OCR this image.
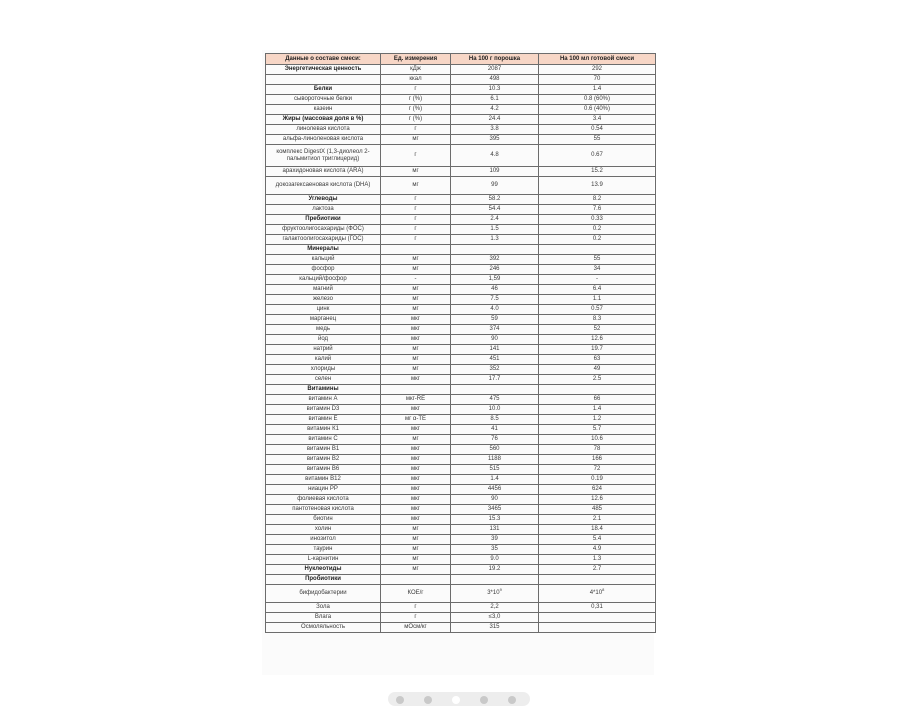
Данные о составе смеси:	Ед. измерения	На 100 г порошка	На 100 мл готовой смеси
Энергетическая ценность	кДж	2087	292
	ккал	498	70
Белки	г	10.3	1.4
сывороточные белки	г (%)	6.1	0.8 (60%)
казеин	г (%)	4.2	0.6 (40%)
Жиры (массовая доля в %)	г (%)	24.4	3.4
линолевая кислота	г	3.8	0.54
альфа-линоленовая кислота	мг	395	55
комплекс DigestX (1,3-диолеол 2-пальмитиол триглицерид)	г	4.8	0.67
арахидоновая кислота (ARA)	мг	109	15.2
докозагексаеновая кислота (DHA)	мг	99	13.9
Углеводы	г	58.2	8.2
лактоза	г	54.4	7.6
Пребиотики	г	2.4	0.33
фруктоолигосахариды (ФОС)	г	1.5	0.2
галактоолигосахариды (ГОС)	г	1.3	0.2
Минералы			
кальций	мг	392	55
фосфор	мг	246	34
кальций/фосфор	-	1,59	-
магний	мг	46	6.4
железо	мг	7.5	1.1
цинк	мг	4.0	0.57
марганец	мкг	59	8.3
медь	мкг	374	52
йод	мкг	90	12.6
натрий	мг	141	19.7
калий	мг	451	63
хлориды	мг	352	49
селен	мкг	17.7	2.5
Витамины			
витамин А	мкг-RE	475	66
витамин D3	мкг	10.0	1.4
витамин Е	мг α-ТЕ	8.5	1.2
витамин К1	мкг	41	5.7
витамин С	мг	76	10.6
витамин В1	мкг	560	78
витамин В2	мкг	1188	166
витамин В6	мкг	515	72
витамин В12	мкг	1.4	0.19
ниацин РР	мкг	4456	624
фолиевая кислота	мкг	90	12.6
пантотеновая кислота	мкг	3465	485
биотин	мкг	15.3	2.1
холин	мг	131	18.4
инозитол	мг	39	5.4
таурин	мг	35	4.9
L-карнитин	мг	9.0	1.3
Нуклеотиды	мг	19.2	2.7
Пробиотики			
бифидобактерии	КОЕ/г	$3*10^9$	$4*10^8$
Зола	г	2,2	0,31
Влага	г	≤3,0	
Осмоляльность	мОсм/кг	315	
